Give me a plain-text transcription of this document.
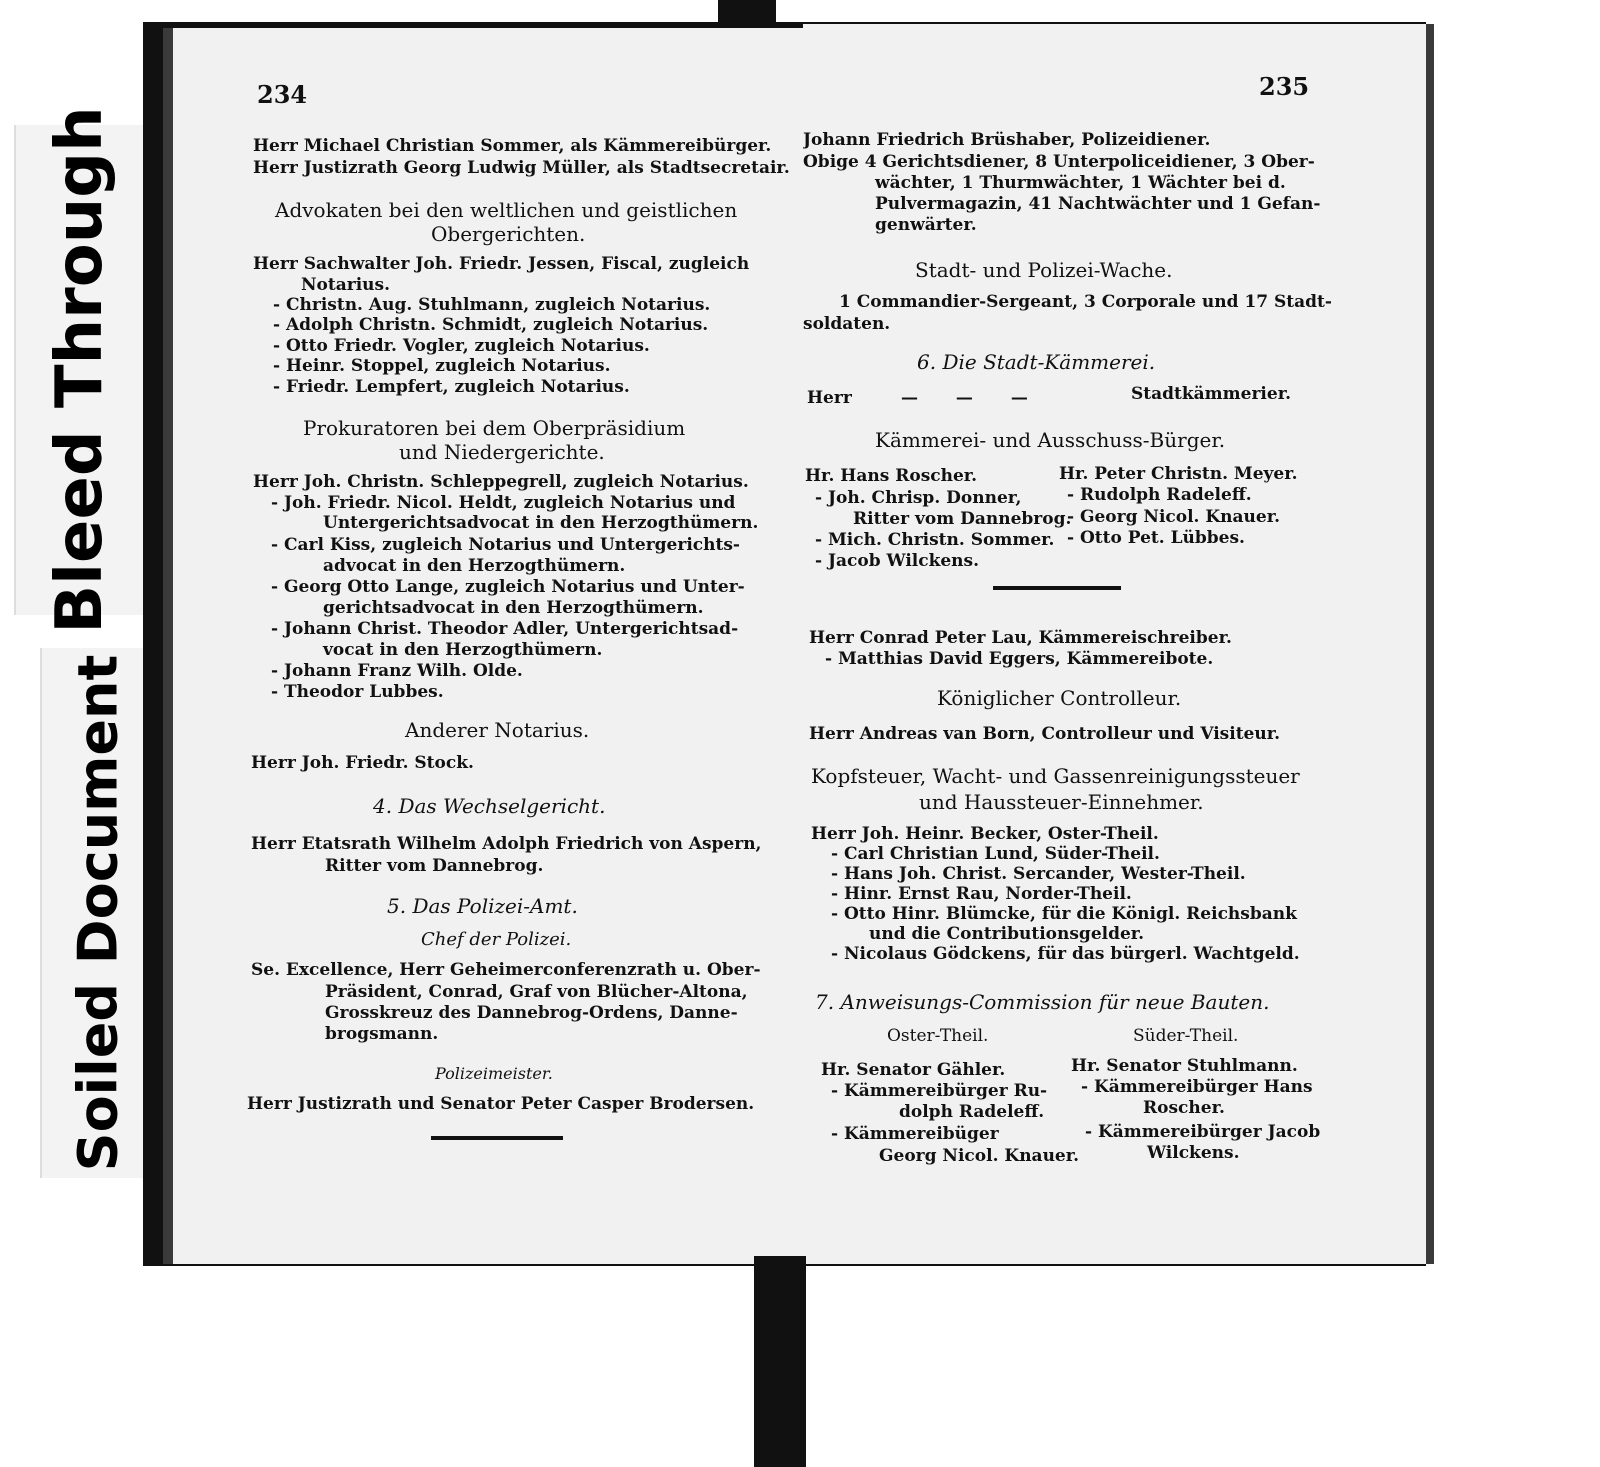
Bleed Through
Soiled Document
234
Herr Michael Christian Sommer, als Kämmereibürger.
Herr Justizrath Georg Ludwig Müller, als Stadtsecretair.
Advokaten bei den weltlichen und geistlichen
Obergerichten.
Herr Sachwalter Joh. Friedr. Jessen, Fiscal, zugleich
Notarius.
- Christn. Aug. Stuhlmann, zugleich Notarius.
- Adolph Christn. Schmidt, zugleich Notarius.
- Otto Friedr. Vogler, zugleich Notarius.
- Heinr. Stoppel, zugleich Notarius.
- Friedr. Lempfert, zugleich Notarius.
Prokuratoren bei dem Oberpräsidium
und Niedergerichte.
Herr Joh. Christn. Schleppegrell, zugleich Notarius.
- Joh. Friedr. Nicol. Heldt, zugleich Notarius und
Untergerichtsadvocat in den Herzogthümern.
- Carl Kiss, zugleich Notarius und Untergerichts-
advocat in den Herzogthümern.
- Georg Otto Lange, zugleich Notarius und Unter-
gerichtsadvocat in den Herzogthümern.
- Johann Christ. Theodor Adler, Untergerichtsad-
vocat in den Herzogthümern.
- Johann Franz Wilh. Olde.
- Theodor Lubbes.
Anderer Notarius.
Herr Joh. Friedr. Stock.
4. Das Wechselgericht.
Herr Etatsrath Wilhelm Adolph Friedrich von Aspern,
Ritter vom Dannebrog.
5. Das Polizei-Amt.
Chef der Polizei.
Se. Excellence, Herr Geheimerconferenzrath u. Ober-
Präsident, Conrad, Graf von Blücher-Altona,
Grosskreuz des Dannebrog-Ordens, Danne-
brogsmann.
Polizeimeister.
Herr Justizrath und Senator Peter Casper Brodersen.
235
Johann Friedrich Brüshaber, Polizeidiener.
Obige 4 Gerichtsdiener, 8 Unterpoliceidiener, 3 Ober-
wächter, 1 Thurmwächter, 1 Wächter bei d.
Pulvermagazin, 41 Nachtwächter und 1 Gefan-
genwärter.
Stadt- und Polizei-Wache.
1 Commandier-Sergeant, 3 Corporale und 17 Stadt-
soldaten.
6. Die Stadt-Kämmerei.
Herr	— — —	Stadtkämmerier.
Kämmerei- und Ausschuss-Bürger.
Hr. Hans Roscher.
- Joh. Chrisp. Donner,
Ritter vom Dannebrog.
- Mich. Christn. Sommer.
- Jacob Wilckens.
Hr. Peter Christn. Meyer.
- Rudolph Radeleff.
- Georg Nicol. Knauer.
- Otto Pet. Lübbes.
Herr Conrad Peter Lau, Kämmereischreiber.
- Matthias David Eggers, Kämmereibote.
Königlicher Controlleur.
Herr Andreas van Born, Controlleur und Visiteur.
Kopfsteuer, Wacht- und Gassenreinigungssteuer
und Haussteuer-Einnehmer.
Herr Joh. Heinr. Becker, Oster-Theil.
- Carl Christian Lund, Süder-Theil.
- Hans Joh. Christ. Sercander, Wester-Theil.
- Hinr. Ernst Rau, Norder-Theil.
- Otto Hinr. Blümcke, für die Königl. Reichsbank
und die Contributionsgelder.
- Nicolaus Gödckens, für das bürgerl. Wachtgeld.
7. Anweisungs-Commission für neue Bauten.
Oster-Theil.	Süder-Theil.
Hr. Senator Gähler.
- Kämmereibürger Ru-
dolph Radeleff.
- Kämmereibüger
Georg Nicol. Knauer.
Hr. Senator Stuhlmann.
- Kämmereibürger Hans
Roscher.
- Kämmereibürger Jacob
Wilckens.
